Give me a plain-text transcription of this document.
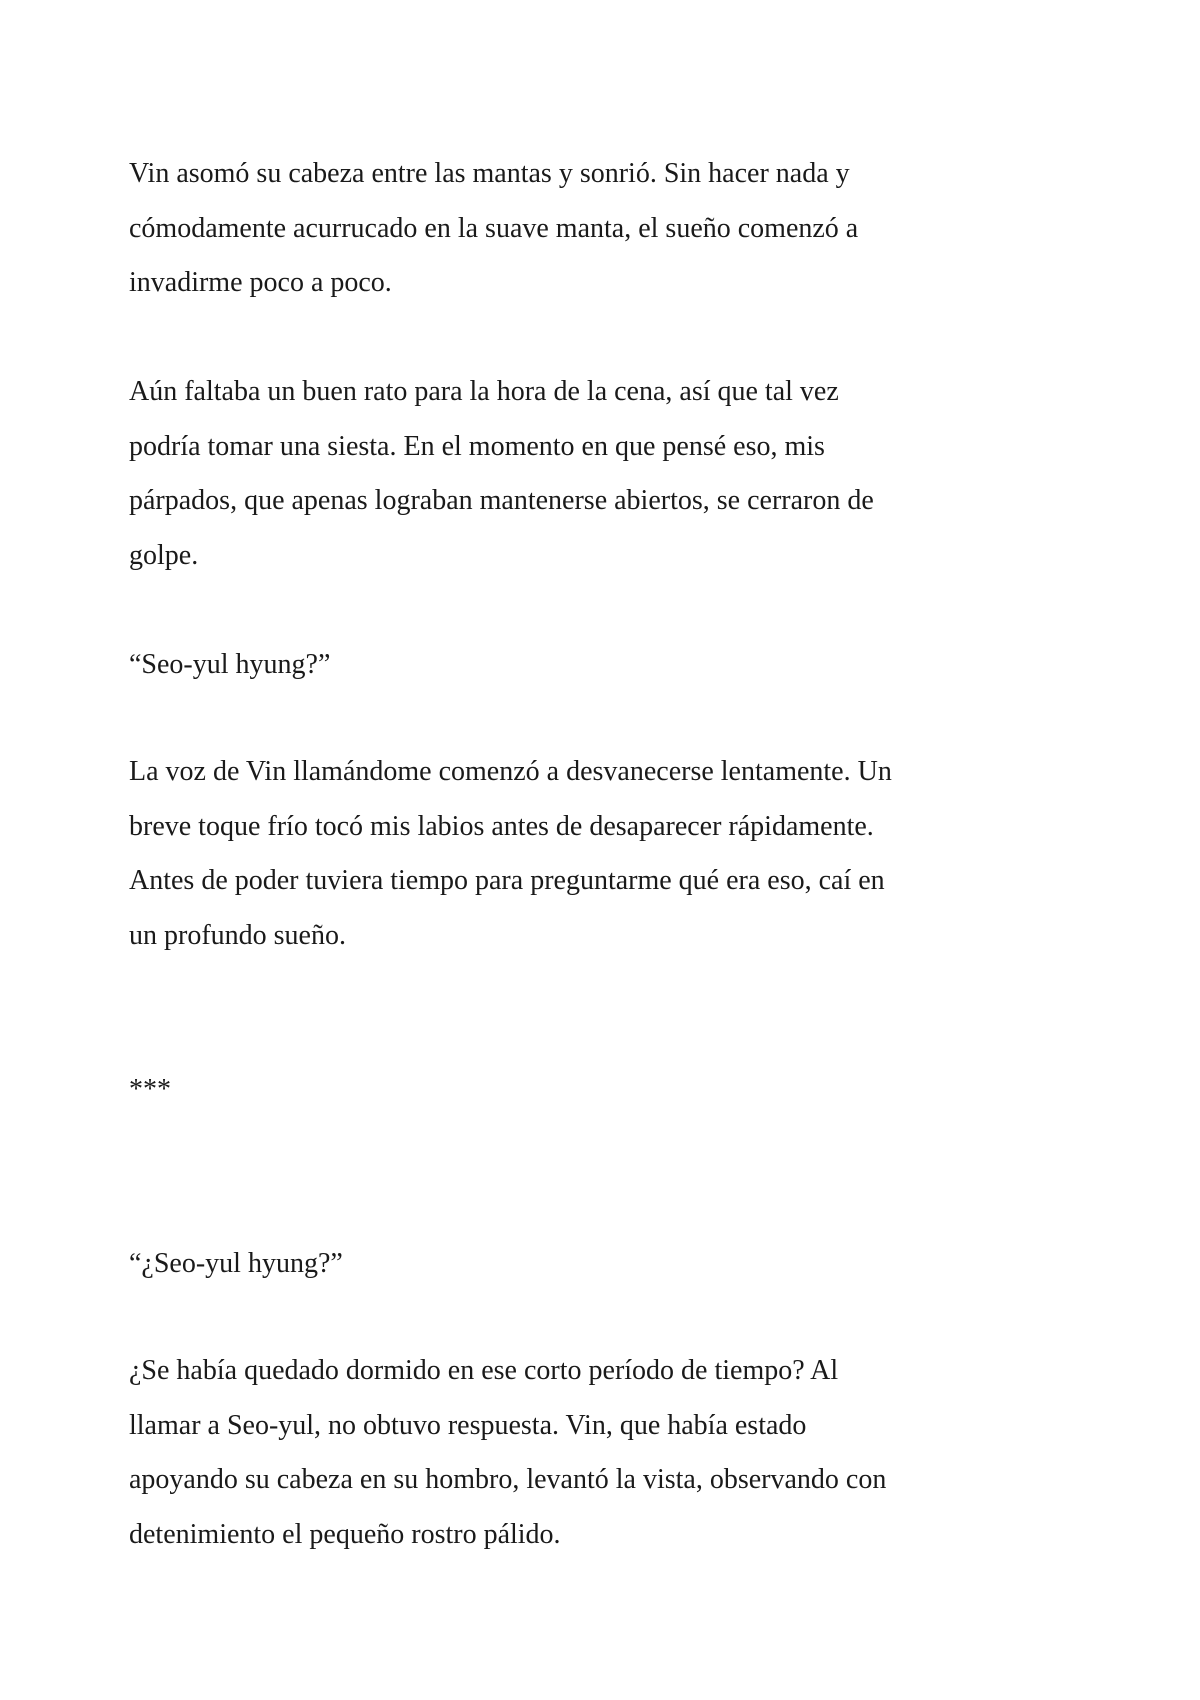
Vin asomó su cabeza entre las mantas y sonrió. Sin hacer nada y
cómodamente acurrucado en la suave manta, el sueño comenzó a
invadirme poco a poco.

Aún faltaba un buen rato para la hora de la cena, así que tal vez
podría tomar una siesta. En el momento en que pensé eso, mis
párpados, que apenas lograban mantenerse abiertos, se cerraron de
golpe.

“Seo-yul hyung?”

La voz de Vin llamándome comenzó a desvanecerse lentamente. Un
breve toque frío tocó mis labios antes de desaparecer rápidamente.
Antes de poder tuviera tiempo para preguntarme qué era eso, caí en
un profundo sueño.

***

“¿Seo-yul hyung?”

¿Se había quedado dormido en ese corto período de tiempo? Al
llamar a Seo-yul, no obtuvo respuesta. Vin, que había estado
apoyando su cabeza en su hombro, levantó la vista, observando con
detenimiento el pequeño rostro pálido.
